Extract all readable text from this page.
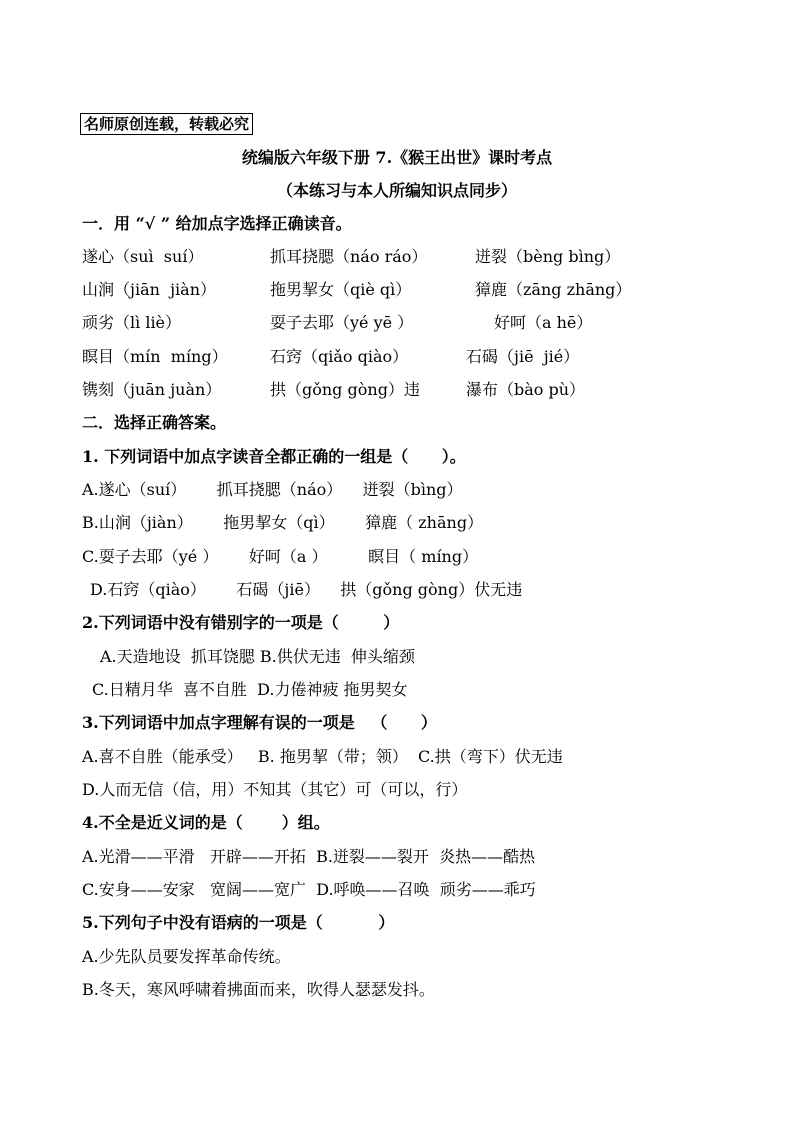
名师原创连载，转载必究
统编版六年级下册 7.《猴王出世》课时考点
（本练习与本人所编知识点同步）
一．用 “√ ” 给加点字选择正确读音。
遂心（suì  suí）	抓耳挠腮（náo ráo）	迸裂（bèng bìng）
山涧（jiān  jiàn）	拖男挈女（qiè qì）	獐鹿（zāng zhāng）
顽劣（lì liè）	耍子去耶（yé yē ）	好呵（a hē）
瞑目（mín  míng）	石窍（qiǎo qiào）	石碣（jiē  jié）
镌刻（juān juàn）	拱（gǒng gòng）违	瀑布（bào pù）
二．选择正确答案。
1. 下列词语中加点字读音全都正确的一组是（      ）。
A.遂心（suí）      抓耳挠腮（náo）    迸裂（bìng）
B.山涧（jiàn）      拖男挈女（qì）      獐鹿（ zhāng）
C.耍子去耶（yé ）      好呵（a ）        瞑目（ míng）
D.石窍（qiào）      石碣（jiē）    拱（gǒng gòng）伏无违
2.下列词语中没有错别字的一项是（        ）
A.天造地设  抓耳饶腮 B.供伏无违  伸头缩颈
C.日精月华  喜不自胜  D.力倦神疲 拖男契女
3.下列词语中加点字理解有误的一项是   （      ）
A.喜不自胜（能承受）   B. 拖男挈（带；领）  C.拱（弯下）伏无违
D.人而无信（信，用）不知其（其它）可（可以，行）
4.不全是近义词的是（       ）组。
A.光滑——平滑   开辟——开拓  B.迸裂——裂开  炎热——酷热
C.安身——安家   宽阔——宽广  D.呼唤——召唤  顽劣——乖巧
5.下列句子中没有语病的一项是（          ）
A.少先队员要发挥革命传统。
B.冬天，寒风呼啸着拂面而来，吹得人瑟瑟发抖。
